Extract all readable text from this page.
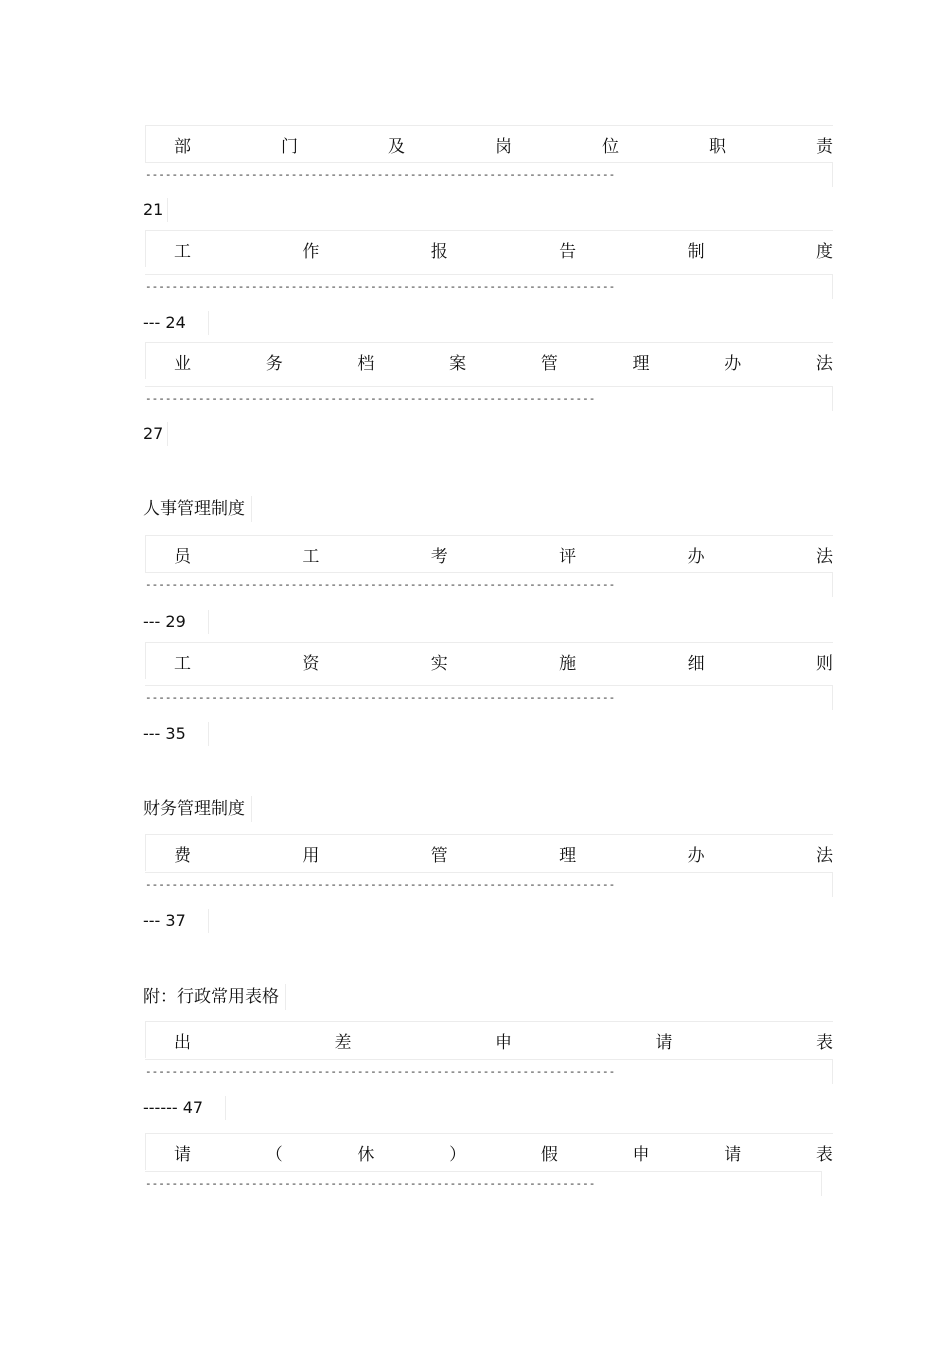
部	门	及	岗	位	职	责
-----------------------------------------------------------------------
21
工	作	报	告	制	度
-----------------------------------------------------------------------
--- 24
业	务	档	案	管	理	办	法
--------------------------------------------------------------------
27
人事管理制度
员	工	考	评	办	法
-----------------------------------------------------------------------
--- 29
工	资	实	施	细	则
-----------------------------------------------------------------------
--- 35
财务管理制度
费	用	管	理	办	法
-----------------------------------------------------------------------
--- 37
附：行政常用表格
出	差	申	请	表
-----------------------------------------------------------------------
------ 47
请	（	休	）	假	申	请	表
--------------------------------------------------------------------
